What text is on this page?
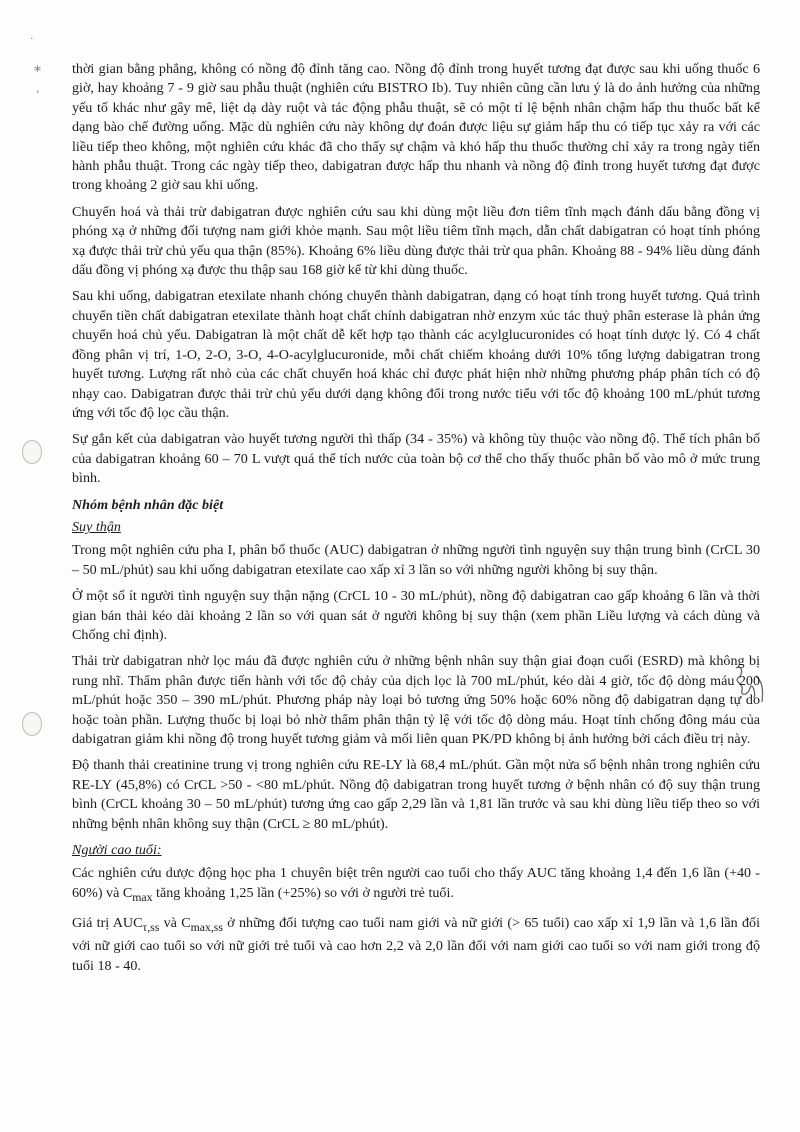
·
∗
,

thời gian bằng phẳng, không có nồng độ đỉnh tăng cao. Nồng độ đỉnh trong huyết tương đạt được sau khi uống thuốc 6 giờ, hay khoảng 7 - 9 giờ sau phẫu thuật (nghiên cứu BISTRO Ib). Tuy nhiên cũng cần lưu ý là do ảnh hưởng của những yếu tố khác như gây mê, liệt dạ dày ruột và tác động phẫu thuật, sẽ có một tỉ lệ bệnh nhân chậm hấp thu thuốc bất kể dạng bào chế đường uống. Mặc dù nghiên cứu này không dự đoán được liệu sự giảm hấp thu có tiếp tục xảy ra với các liều tiếp theo không, một nghiên cứu khác đã cho thấy sự chậm và khó hấp thu thuốc thường chỉ xảy ra trong ngày tiến hành phẫu thuật. Trong các ngày tiếp theo, dabigatran được hấp thu nhanh và nồng độ đỉnh trong huyết tương đạt được trong khoảng 2 giờ sau khi uống.

Chuyển hoá và thải trừ dabigatran được nghiên cứu sau khi dùng một liều đơn tiêm tĩnh mạch đánh dấu bằng đồng vị phóng xạ ở những đối tượng nam giới khỏe mạnh. Sau một liều tiêm tĩnh mạch, dẫn chất dabigatran có hoạt tính phóng xạ được thải trừ chủ yếu qua thận (85%). Khoảng 6% liều dùng được thải trừ qua phân. Khoảng 88 - 94% liều dùng đánh dấu đồng vị phóng xạ được thu thập sau 168 giờ kể từ khi dùng thuốc.

Sau khi uống, dabigatran etexilate nhanh chóng chuyển thành dabigatran, dạng có hoạt tính trong huyết tương. Quá trình chuyển tiền chất dabigatran etexilate thành hoạt chất chính dabigatran nhờ enzym xúc tác thuỷ phân esterase là phản ứng chuyển hoá chủ yếu. Dabigatran là một chất dễ kết hợp tạo thành các acylglucuronides có hoạt tính dược lý. Có 4 chất đồng phân vị trí, 1-O, 2-O, 3-O, 4-O-acylglucuronide, mỗi chất chiếm khoảng dưới 10% tổng lượng dabigatran trong huyết tương. Lượng rất nhỏ của các chất chuyển hoá khác chỉ được phát hiện nhờ những phương pháp phân tích có độ nhạy cao. Dabigatran được thải trừ chủ yếu dưới dạng không đổi trong nước tiểu với tốc độ khoảng 100 mL/phút tương ứng với tốc độ lọc cầu thận.

Sự gắn kết của dabigatran vào huyết tương người thì thấp (34 - 35%) và không tùy thuộc vào nồng độ. Thể tích phân bố của dabigatran khoảng 60 – 70 L vượt quá thể tích nước của toàn bộ cơ thể cho thấy thuốc phân bố vào mô ở mức trung bình.

Nhóm bệnh nhân đặc biệt
Suy thận

Trong một nghiên cứu pha I, phân bố thuốc (AUC) dabigatran ở những người tình nguyện suy thận trung bình (CrCL 30 – 50 mL/phút) sau khi uống dabigatran etexilate cao xấp xỉ 3 lần so với những người không bị suy thận.

Ở một số ít người tình nguyện suy thận nặng (CrCL 10 - 30 mL/phút), nồng độ dabigatran cao gấp khoảng 6 lần và thời gian bán thải kéo dài khoảng 2 lần so với quan sát ở người không bị suy thận (xem phần Liều lượng và cách dùng và Chống chỉ định).

Thải trừ dabigatran nhờ lọc máu đã được nghiên cứu ở những bệnh nhân suy thận giai đoạn cuối (ESRD) mà không bị rung nhĩ. Thẩm phân được tiến hành với tốc độ chảy của dịch lọc là 700 mL/phút, kéo dài 4 giờ, tốc độ dòng máu 200 mL/phút hoặc 350 – 390 mL/phút. Phương pháp này loại bỏ tương ứng 50% hoặc 60% nồng độ dabigatran dạng tự do hoặc toàn phần. Lượng thuốc bị loại bỏ nhờ thẩm phân thận tỷ lệ với tốc độ dòng máu. Hoạt tính chống đông máu của dabigatran giảm khi nồng độ trong huyết tương giảm và mối liên quan PK/PD không bị ảnh hưởng bởi cách điều trị này.

Độ thanh thải creatinine trung vị trong nghiên cứu RE-LY là 68,4 mL/phút. Gần một nửa số bệnh nhân trong nghiên cứu RE-LY (45,8%) có CrCL >50 - <80 mL/phút. Nồng độ dabigatran trong huyết tương ở bệnh nhân có độ suy thận trung bình (CrCL khoảng 30 – 50 mL/phút) tương ứng cao gấp 2,29 lần và 1,81 lần trước và sau khi dùng liều tiếp theo so với những bệnh nhân không suy thận (CrCL ≥ 80 mL/phút).

Người cao tuổi:

Các nghiên cứu dược động học pha 1 chuyên biệt trên người cao tuổi cho thấy AUC tăng khoảng 1,4 đến 1,6 lần (+40 - 60%) và $C_{max}$ tăng khoảng 1,25 lần (+25%) so với ở người trẻ tuổi.

Giá trị $AUC_{\tau,ss}$ và $C_{max,ss}$ ở những đối tượng cao tuổi nam giới và nữ giới (> 65 tuổi) cao xấp xỉ 1,9 lần và 1,6 lần đối với nữ giới cao tuổi so với nữ giới trẻ tuổi và cao hơn 2,2 và 2,0 lần đối với nam giới cao tuổi so với nam giới trong độ tuổi 18 - 40.
